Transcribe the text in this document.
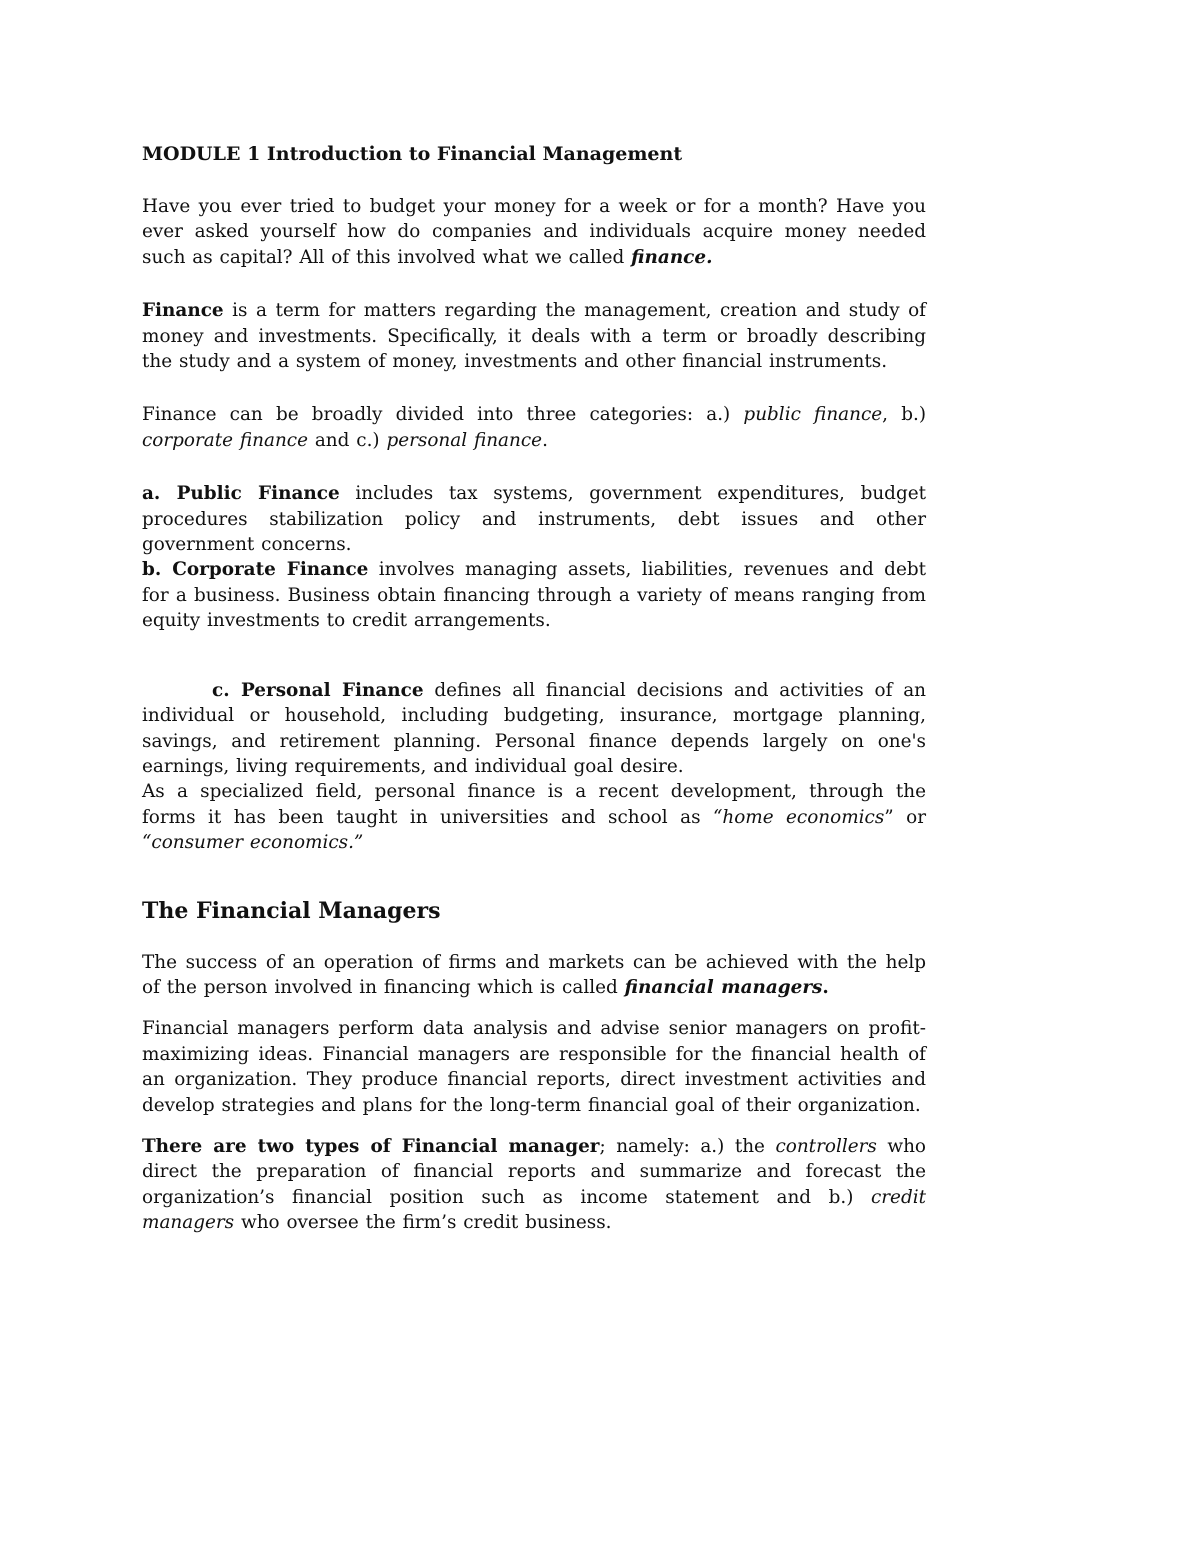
MODULE 1 Introduction to Financial Management

Have you ever tried to budget your money for a week or for a month? Have you ever asked yourself how do companies and individuals acquire money needed such as capital? All of this involved what we called finance.

Finance is a term for matters regarding the management, creation and study of money and investments. Specifically, it deals with a term or broadly describing the study and a system of money, investments and other financial instruments.

Finance can be broadly divided into three categories: a.) public finance, b.) corporate finance and c.) personal finance.

a. Public Finance includes tax systems, government expenditures, budget procedures stabilization policy and instruments, debt issues and other government concerns.

b. Corporate Finance involves managing assets, liabilities, revenues and debt for a business. Business obtain financing through a variety of means ranging from equity investments to credit arrangements.

c. Personal Finance defines all financial decisions and activities of an individual or household, including budgeting, insurance, mortgage planning, savings, and retirement planning. Personal finance depends largely on one's earnings, living requirements, and individual goal desire.

As a specialized field, personal finance is a recent development, through the forms it has been taught in universities and school as “home economics” or “consumer economics.”

The Financial Managers

The success of an operation of firms and markets can be achieved with the help of the person involved in financing which is called financial managers.

Financial managers perform data analysis and advise senior managers on profit- maximizing ideas. Financial managers are responsible for the financial health of an organization. They produce financial reports, direct investment activities and develop strategies and plans for the long-term financial goal of their organization.

There are two types of Financial manager; namely: a.) the controllers who direct the preparation of financial reports and summarize and forecast the organization’s financial position such as income statement and b.) credit managers who oversee the firm’s credit business.
